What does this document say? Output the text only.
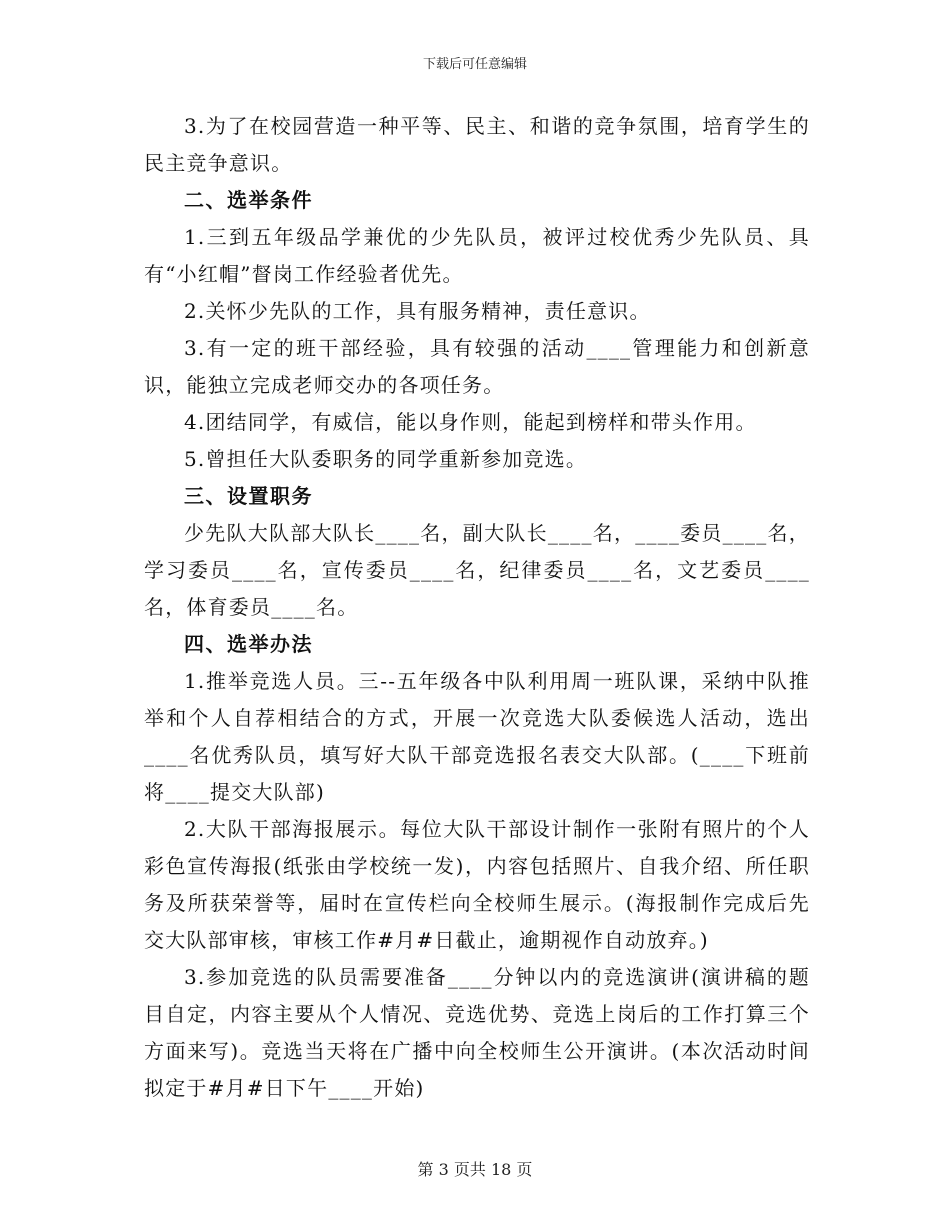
下载后可任意编辑

3.为了在校园营造一种平等、民主、和谐的竞争氛围，培育学生的民主竞争意识。

二、选举条件

1.三到五年级品学兼优的少先队员，被评过校优秀少先队员、具有“小红帽”督岗工作经验者优先。

2.关怀少先队的工作，具有服务精神，责任意识。

3.有一定的班干部经验，具有较强的活动____管理能力和创新意识，能独立完成老师交办的各项任务。

4.团结同学，有威信，能以身作则，能起到榜样和带头作用。

5.曾担任大队委职务的同学重新参加竞选。

三、设置职务

少先队大队部大队长____名，副大队长____名，____委员____名，学习委员____名，宣传委员____名，纪律委员____名，文艺委员____名，体育委员____名。

四、选举办法

1.推举竞选人员。三--五年级各中队利用周一班队课，采纳中队推举和个人自荐相结合的方式，开展一次竞选大队委候选人活动，选出____名优秀队员，填写好大队干部竞选报名表交大队部。(____下班前将____提交大队部)

2.大队干部海报展示。每位大队干部设计制作一张附有照片的个人彩色宣传海报(纸张由学校统一发)，内容包括照片、自我介绍、所任职务及所获荣誉等，届时在宣传栏向全校师生展示。(海报制作完成后先交大队部审核，审核工作#月#日截止，逾期视作自动放弃。)

3.参加竞选的队员需要准备____分钟以内的竞选演讲(演讲稿的题目自定，内容主要从个人情况、竞选优势、竞选上岗后的工作打算三个方面来写)。竞选当天将在广播中向全校师生公开演讲。(本次活动时间拟定于#月#日下午____开始)

第 3 页共 18 页
